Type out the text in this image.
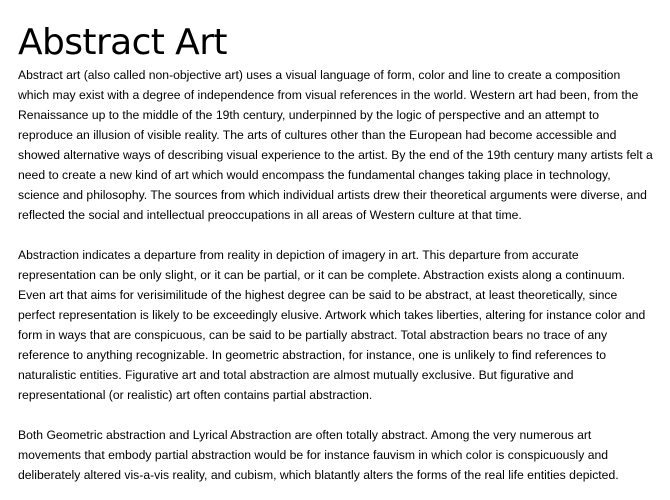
Abstract Art

Abstract art (also called non-objective art) uses a visual language of form, color and line to create a composition which may exist with a degree of independence from visual references in the world. Western art had been, from the Renaissance up to the middle of the 19th century, underpinned by the logic of perspective and an attempt to reproduce an illusion of visible reality. The arts of cultures other than the European had become accessible and showed alternative ways of describing visual experience to the artist. By the end of the 19th century many artists felt a need to create a new kind of art which would encompass the fundamental changes taking place in technology, science and philosophy. The sources from which individual artists drew their theoretical arguments were diverse, and reflected the social and intellectual preoccupations in all areas of Western culture at that time.

Abstraction indicates a departure from reality in depiction of imagery in art. This departure from accurate representation can be only slight, or it can be partial, or it can be complete. Abstraction exists along a continuum. Even art that aims for verisimilitude of the highest degree can be said to be abstract, at least theoretically, since perfect representation is likely to be exceedingly elusive. Artwork which takes liberties, altering for instance color and form in ways that are conspicuous, can be said to be partially abstract. Total abstraction bears no trace of any reference to anything recognizable. In geometric abstraction, for instance, one is unlikely to find references to naturalistic entities. Figurative art and total abstraction are almost mutually exclusive. But figurative and representational (or realistic) art often contains partial abstraction.

Both Geometric abstraction and Lyrical Abstraction are often totally abstract. Among the very numerous art movements that embody partial abstraction would be for instance fauvism in which color is conspicuously and deliberately altered vis-a-vis reality, and cubism, which blatantly alters the forms of the real life entities depicted.
